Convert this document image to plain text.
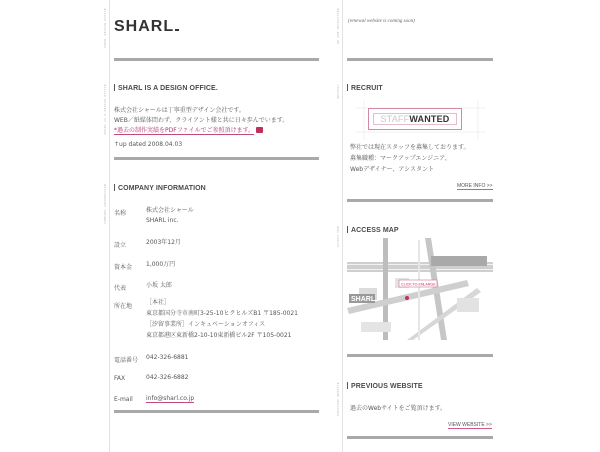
SHARL DESIGN OFFICE
SHARL IS A DESIGN OFFICE
COMPANY INFORMATION
WE ARE RECRUITING
RECRUIT
ACCESS MAP
PREVIOUS WEBSITE
SHARL	(renewal website is coming soon)
SHARL IS A DESIGN OFFICE.
株式会社シャールは丁寧重型デザイン会社です。
WEB／紙媒体問わず、クライアント様と共に日々歩んでいます。
*過去の制作実績をPDFファイルでご参照頂けます。
↑up dated 2008.04.03
COMPANY INFORMATION
名称	株式会社シャール
SHARL inc.
設立	2003年12月
資本金 1,000万円
代表	小坂 太郎
所在地
［本社］
東京都国分寺市南町3-25-10ヒクヒルズB1 〒185-0021
［汐留事業所］インキュベーションオフィス
東京都港区東新橋2-10-10東新橋ビル2F 〒105-0021
電話番号 042-326-6881
FAX	042-326-6882
E-mail info@sharl.co.jp
RECRUIT
STAFF WANTED
弊社では現在スタッフを募集しております。
募集職種：マークアップエンジニア、
Webデザイナー、アシスタント
MORE INFO >>
ACCESS MAP
SHARL
CLICK TO ENLARGE
PREVIOUS WEBSITE
過去のWebサイトをご覧頂けます。
VIEW WEBSITE >>
